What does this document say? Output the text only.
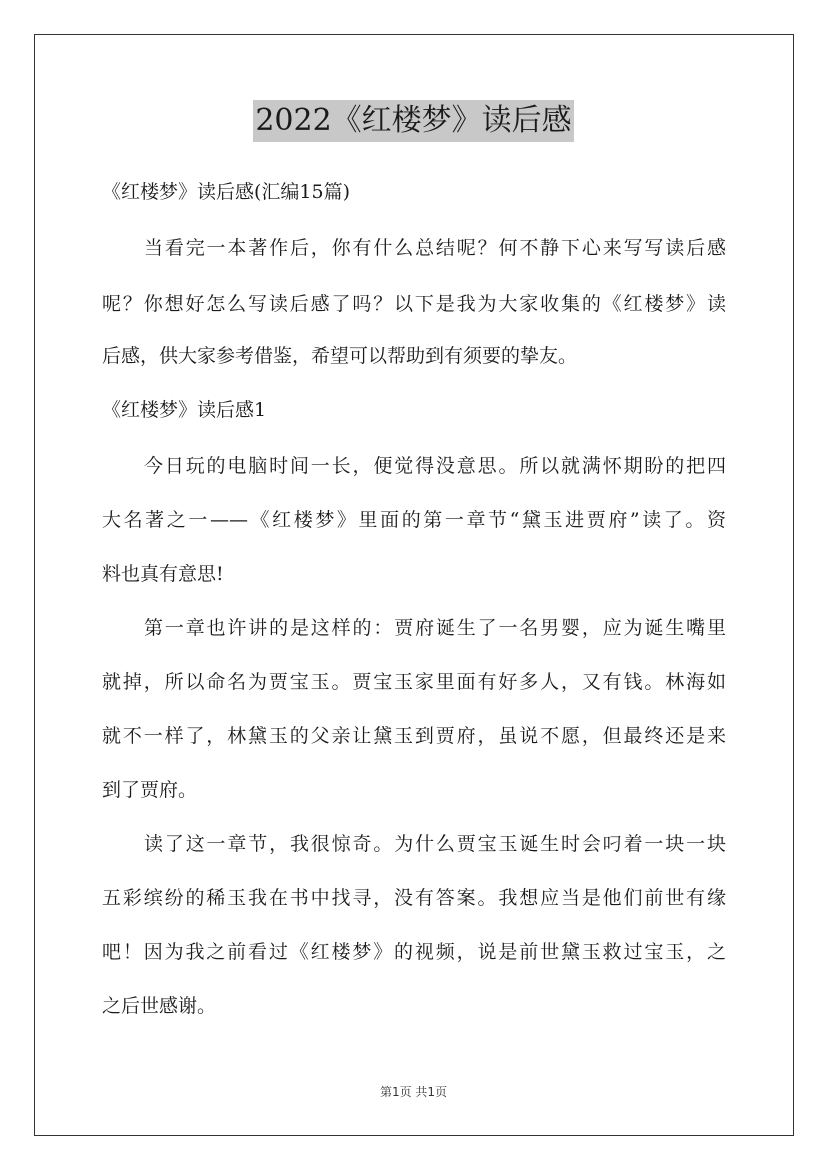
2022《红楼梦》读后感
《红楼梦》读后感(汇编15篇)
当看完一本著作后，你有什么总结呢？何不静下心来写写读后感
呢？你想好怎么写读后感了吗？以下是我为大家收集的《红楼梦》读
后感，供大家参考借鉴，希望可以帮助到有须要的挚友。
《红楼梦》读后感1
今日玩的电脑时间一长，便觉得没意思。所以就满怀期盼的把四
大名著之一——《红楼梦》里面的第一章节“黛玉进贾府”读了。资
料也真有意思!
第一章也许讲的是这样的：贾府诞生了一名男婴，应为诞生嘴里
就掉，所以命名为贾宝玉。贾宝玉家里面有好多人，又有钱。林海如
就不一样了，林黛玉的父亲让黛玉到贾府，虽说不愿，但最终还是来
到了贾府。
读了这一章节，我很惊奇。为什么贾宝玉诞生时会叼着一块一块
五彩缤纷的稀玉我在书中找寻，没有答案。我想应当是他们前世有缘
吧！因为我之前看过《红楼梦》的视频，说是前世黛玉救过宝玉，之
之后世感谢。
第1页 共1页
